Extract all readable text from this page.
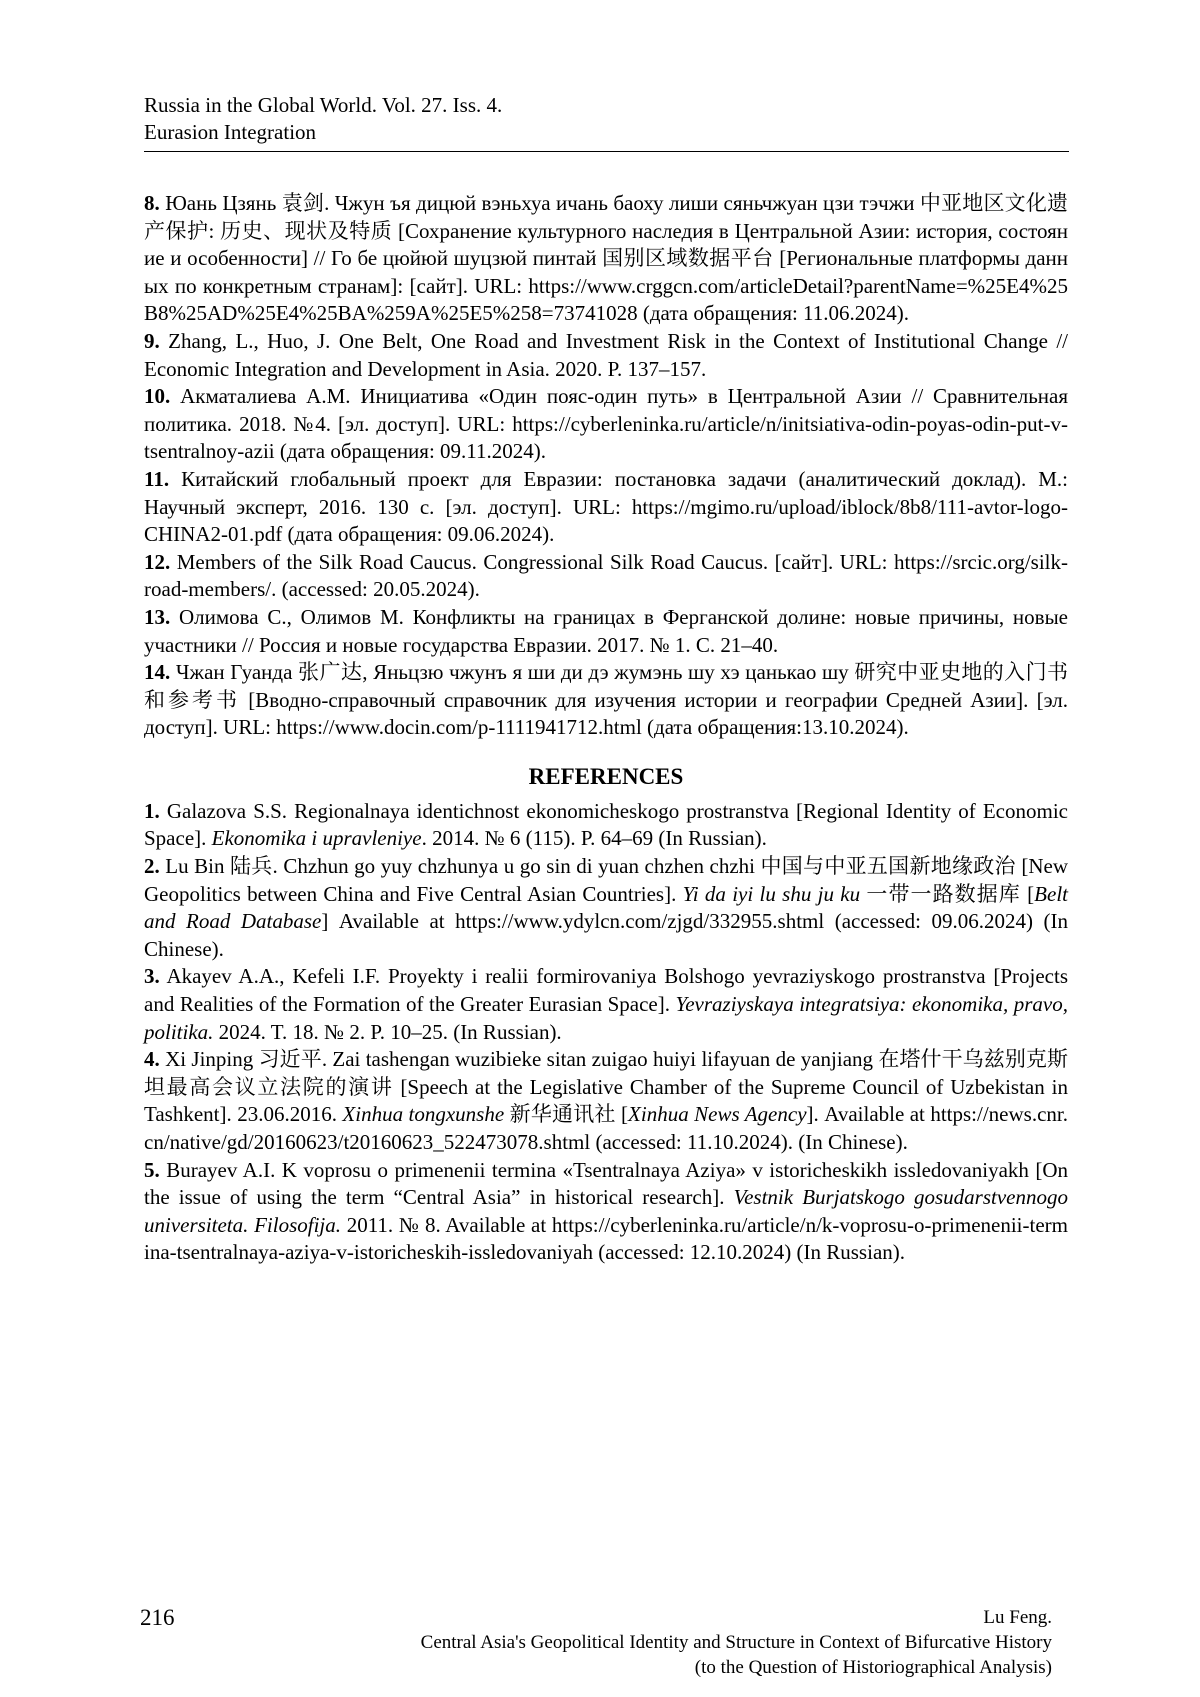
Russia in the Global World. Vol. 27. Iss. 4.
Eurasion Integration

8. Юань Цзянь 袁剑. Чжун ъя дицюй вэньхуа ичань баоху лиши сяньчжуан цзи тэчжи 中亚地区文化遗产保护: 历史、现状及特质 [Сохранение культурного наследия в Центральной Азии: история, состояние и особенности] // Го бе цюйюй шуцзюй пинтай 国别区域数据平台 [Региональные платформы данных по конкретным странам]: [сайт]. URL: https://www.crggcn.com/articleDetail?parentName=%25E4%25B8%25AD%25E4%25BA%259A%25E5%258=73741028 (дата обращения: 11.06.2024).

9. Zhang, L., Huo, J. One Belt, One Road and Investment Risk in the Context of Institutional Change // Economic Integration and Development in Asia. 2020. P. 137–157.

10. Акматалиева А.М. Инициатива «Один пояс-один путь» в Центральной Азии // Сравнительная политика. 2018. №4. [эл. доступ]. URL: https://cyberleninka.ru/article/n/initsiativa-odin-poyas-odin-put-v-tsentralnoy-azii (дата обращения: 09.11.2024).

11. Китайский глобальный проект для Евразии: постановка задачи (аналитический доклад). М.: Научный эксперт, 2016. 130 с. [эл. доступ]. URL: https://mgimo.ru/upload/iblock/8b8/111-avtor-logo-CHINA2-01.pdf (дата обращения: 09.06.2024).

12. Members of the Silk Road Caucus. Congressional Silk Road Caucus. [сайт]. URL: https://srcic.org/silk-road-members/. (accessed: 20.05.2024).

13. Олимова С., Олимов М. Конфликты на границах в Ферганской долине: новые причины, новые участники // Россия и новые государства Евразии. 2017. № 1. С. 21–40.

14. Чжан Гуанда 张广达, Яньцзю чжунъ я ши ди дэ жумэнь шу хэ цанькао шу 研究中亚史地的入门书和参考书 [Вводно-справочный справочник для изучения истории и географии Средней Азии]. [эл. доступ]. URL: https://www.docin.com/p-1111941712.html (дата обращения:13.10.2024).

REFERENCES

1. Galazova S.S. Regionalnaya identichnost ekonomicheskogo prostranstva [Regional Identity of Economic Space]. Ekonomika i upravleniye. 2014. № 6 (115). P. 64–69 (In Russian).

2. Lu Bin 陆兵. Chzhun go yuy chzhunya u go sin di yuan chzhen chzhi 中国与中亚五国新地缘政治 [New Geopolitics between China and Five Central Asian Countries]. Yi da iyi lu shu ju ku 一带一路数据库 [Belt and Road Database] Available at https://www.ydylcn.com/zjgd/332955.shtml (accessed: 09.06.2024) (In Chinese).

3. Akayev A.A., Kefeli I.F. Proyekty i realii formirovaniya Bolshogo yevraziyskogo prostranstva [Projects and Realities of the Formation of the Greater Eurasian Space]. Yevraziyskaya integratsiya: ekonomika, pravo, politika. 2024. T. 18. № 2. P. 10–25. (In Russian).

4. Xi Jinping 习近平. Zai tashengan wuzibieke sitan zuigao huiyi lifayuan de yanjiang 在塔什干乌兹别克斯坦最高会议立法院的演讲 [Speech at the Legislative Chamber of the Supreme Council of Uzbekistan in Tashkent]. 23.06.2016. Xinhua tongxunshe 新华通讯社 [Xinhua News Agency]. Available at https://news.cnr.cn/native/gd/20160623/t20160623_522473078.shtml (accessed: 11.10.2024). (In Chinese).

5. Burayev A.I. K voprosu o primenenii termina «Tsentralnaya Aziya» v istoricheskikh issledovaniyakh [On the issue of using the term “Central Asia” in historical research]. Vestnik Burjatskogo gosudarstvennogo universiteta. Filosofija. 2011. № 8. Available at https://cyberleninka.ru/article/n/k-voprosu-o-primenenii-termina-tsentralnaya-aziya-v-istoricheskih-issledovaniyah (accessed: 12.10.2024) (In Russian).

216	Lu Feng.
Central Asia's Geopolitical Identity and Structure in Context of Bifurcative History
(to the Question of Historiographical Analysis)
